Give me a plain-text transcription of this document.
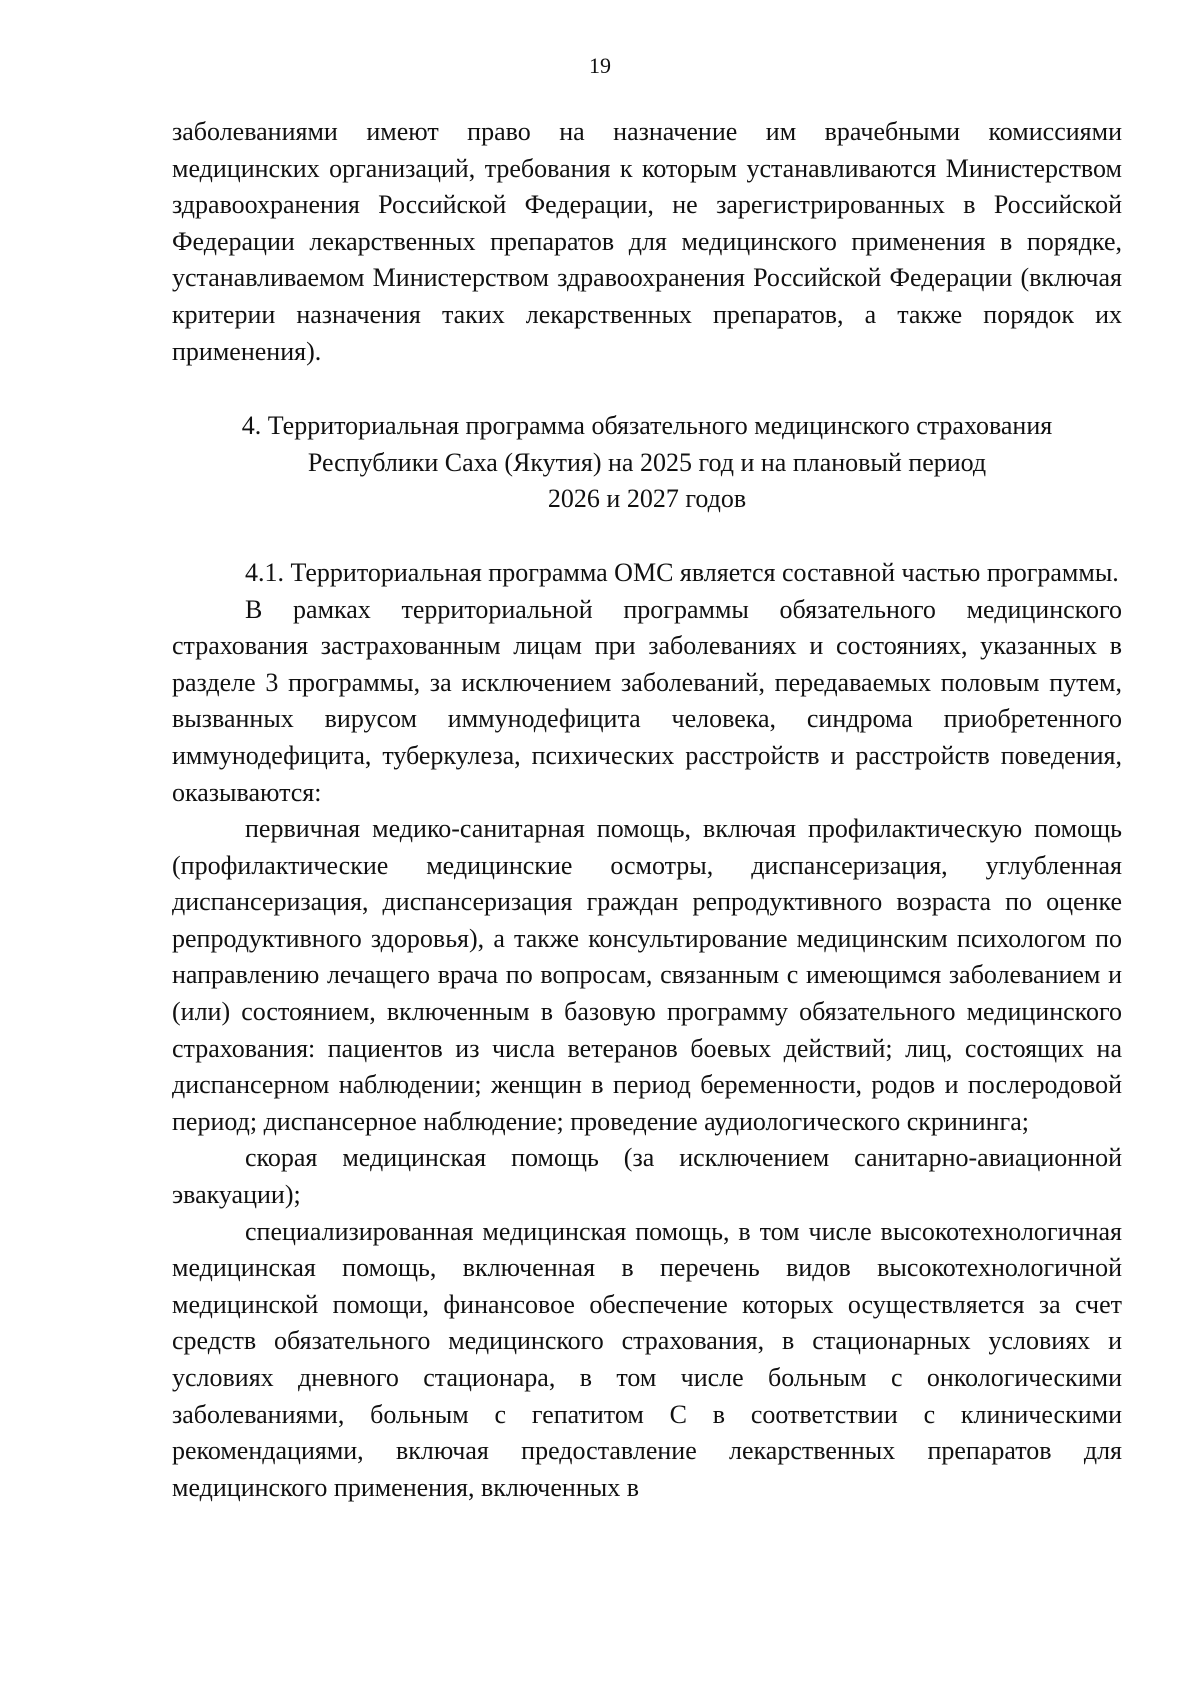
19

заболеваниями имеют право на назначение им врачебными комиссиями медицинских организаций, требования к которым устанавливаются Министерством здравоохранения Российской Федерации, не зарегистрированных в Российской Федерации лекарственных препаратов для медицинского применения в порядке, устанавливаемом Министерством здравоохранения Российской Федерации (включая критерии назначения таких лекарственных препаратов, а также порядок их применения).

4. Территориальная программа обязательного медицинского страхования
Республики Саха (Якутия) на 2025 год и на плановый период
2026 и 2027 годов

4.1. Территориальная программа ОМС является составной частью программы.

В рамках территориальной программы обязательного медицинского страхования застрахованным лицам при заболеваниях и состояниях, указанных в разделе 3 программы, за исключением заболеваний, передаваемых половым путем, вызванных вирусом иммунодефицита человека, синдрома приобретенного иммунодефицита, туберкулеза, психических расстройств и расстройств поведения, оказываются:

первичная медико-санитарная помощь, включая профилактическую помощь (профилактические медицинские осмотры, диспансеризация, углубленная диспансеризация, диспансеризация граждан репродуктивного возраста по оценке репродуктивного здоровья), а также консультирование медицинским психологом по направлению лечащего врача по вопросам, связанным с имеющимся заболеванием и (или) состоянием, включенным в базовую программу обязательного медицинского страхования: пациентов из числа ветеранов боевых действий; лиц, состоящих на диспансерном наблюдении; женщин в период беременности, родов и послеродовой период; диспансерное наблюдение; проведение аудиологического скрининга;

скорая медицинская помощь (за исключением санитарно-авиационной эвакуации);

специализированная медицинская помощь, в том числе высокотехнологичная медицинская помощь, включенная в перечень видов высокотехнологичной медицинской помощи, финансовое обеспечение которых осуществляется за счет средств обязательного медицинского страхования, в стационарных условиях и условиях дневного стационара, в том числе больным с онкологическими заболеваниями, больным с гепатитом С в соответствии с клиническими рекомендациями, включая предоставление лекарственных препаратов для медицинского применения, включенных в
